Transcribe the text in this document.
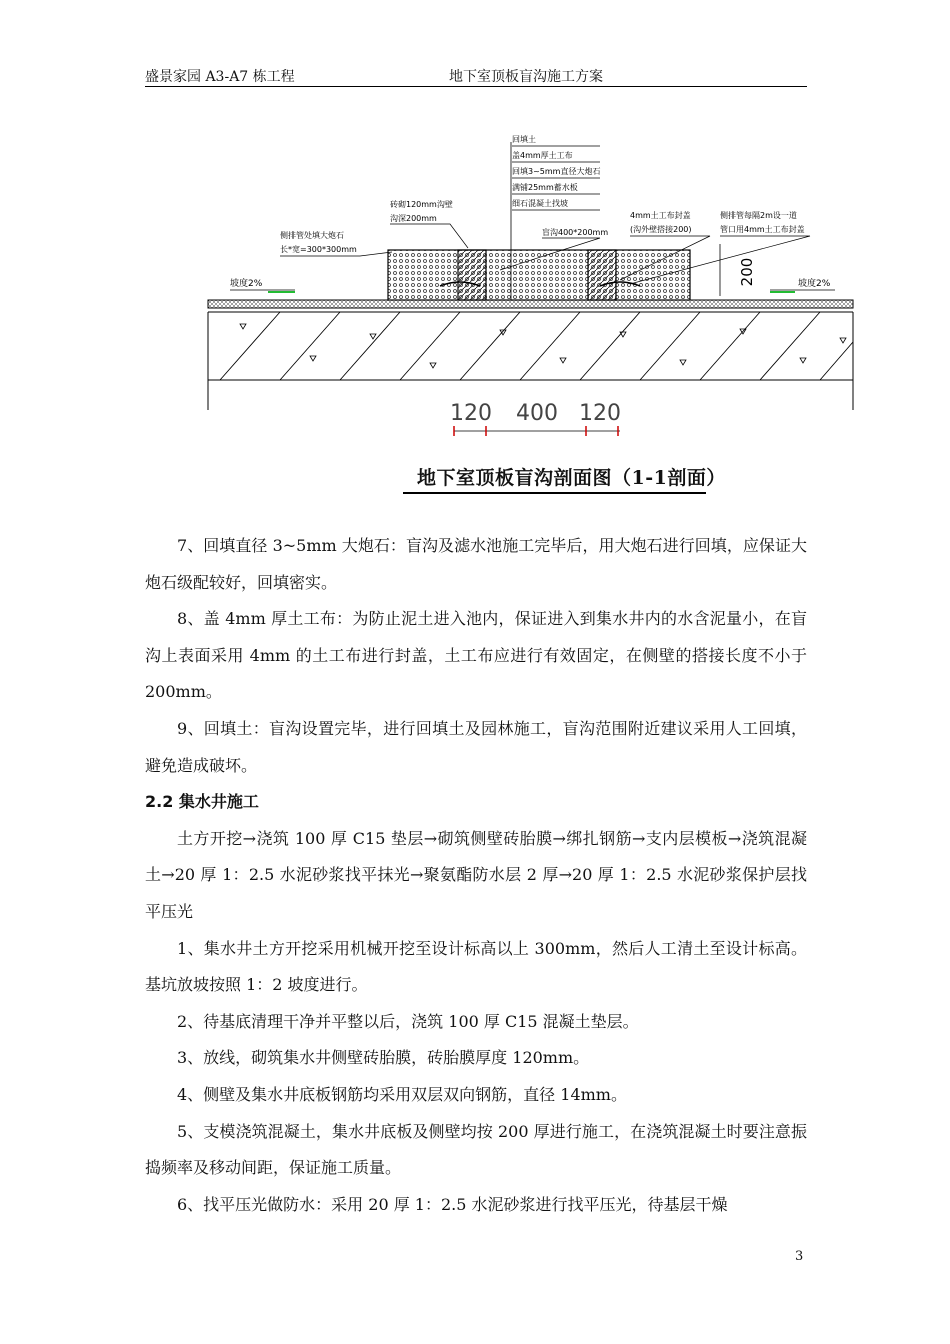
盛景家园 A3-A7 栋工程	地下室顶板盲沟施工方案
回填土
盖4mm厚土工布
回填3~5mm直径大炮石
满铺25mm蓄水板
细石混凝土找坡
砖砌120mm沟壁
沟深200mm
侧排管处填大炮石
长*宽=300*300mm
盲沟400*200mm
4mm土工布封盖
(沟外壁搭接200)
侧排管每隔2m设一道
管口用4mm土工布封盖
200
坡度2%	坡度2%
120 400 120
地下室顶板盲沟剖面图（1-1剖面）

7、回填直径 3~5mm 大炮石：盲沟及滤水池施工完毕后，用大炮石进行回填，应保证大炮石级配较好，回填密实。

8、盖 4mm 厚土工布：为防止泥土进入池内，保证进入到集水井内的水含泥量小，在盲沟上表面采用 4mm 的土工布进行封盖，土工布应进行有效固定，在侧壁的搭接长度不小于 200mm。

9、回填土：盲沟设置完毕，进行回填土及园林施工，盲沟范围附近建议采用人工回填，避免造成破坏。

2.2 集水井施工

土方开挖→浇筑 100 厚 C15 垫层→砌筑侧壁砖胎膜→绑扎钢筋→支内层模板→浇筑混凝土→20 厚 1：2.5 水泥砂浆找平抹光→聚氨酯防水层 2 厚→20 厚 1：2.5 水泥砂浆保护层找平压光

1、集水井土方开挖采用机械开挖至设计标高以上 300mm，然后人工清土至设计标高。基坑放坡按照 1：2 坡度进行。

2、待基底清理干净并平整以后，浇筑 100 厚 C15 混凝土垫层。

3、放线，砌筑集水井侧壁砖胎膜，砖胎膜厚度 120mm。

4、侧壁及集水井底板钢筋均采用双层双向钢筋，直径 14mm。

5、支模浇筑混凝土，集水井底板及侧壁均按 200 厚进行施工，在浇筑混凝土时要注意振捣频率及移动间距，保证施工质量。

6、找平压光做防水：采用 20 厚 1：2.5 水泥砂浆进行找平压光，待基层干燥

3
